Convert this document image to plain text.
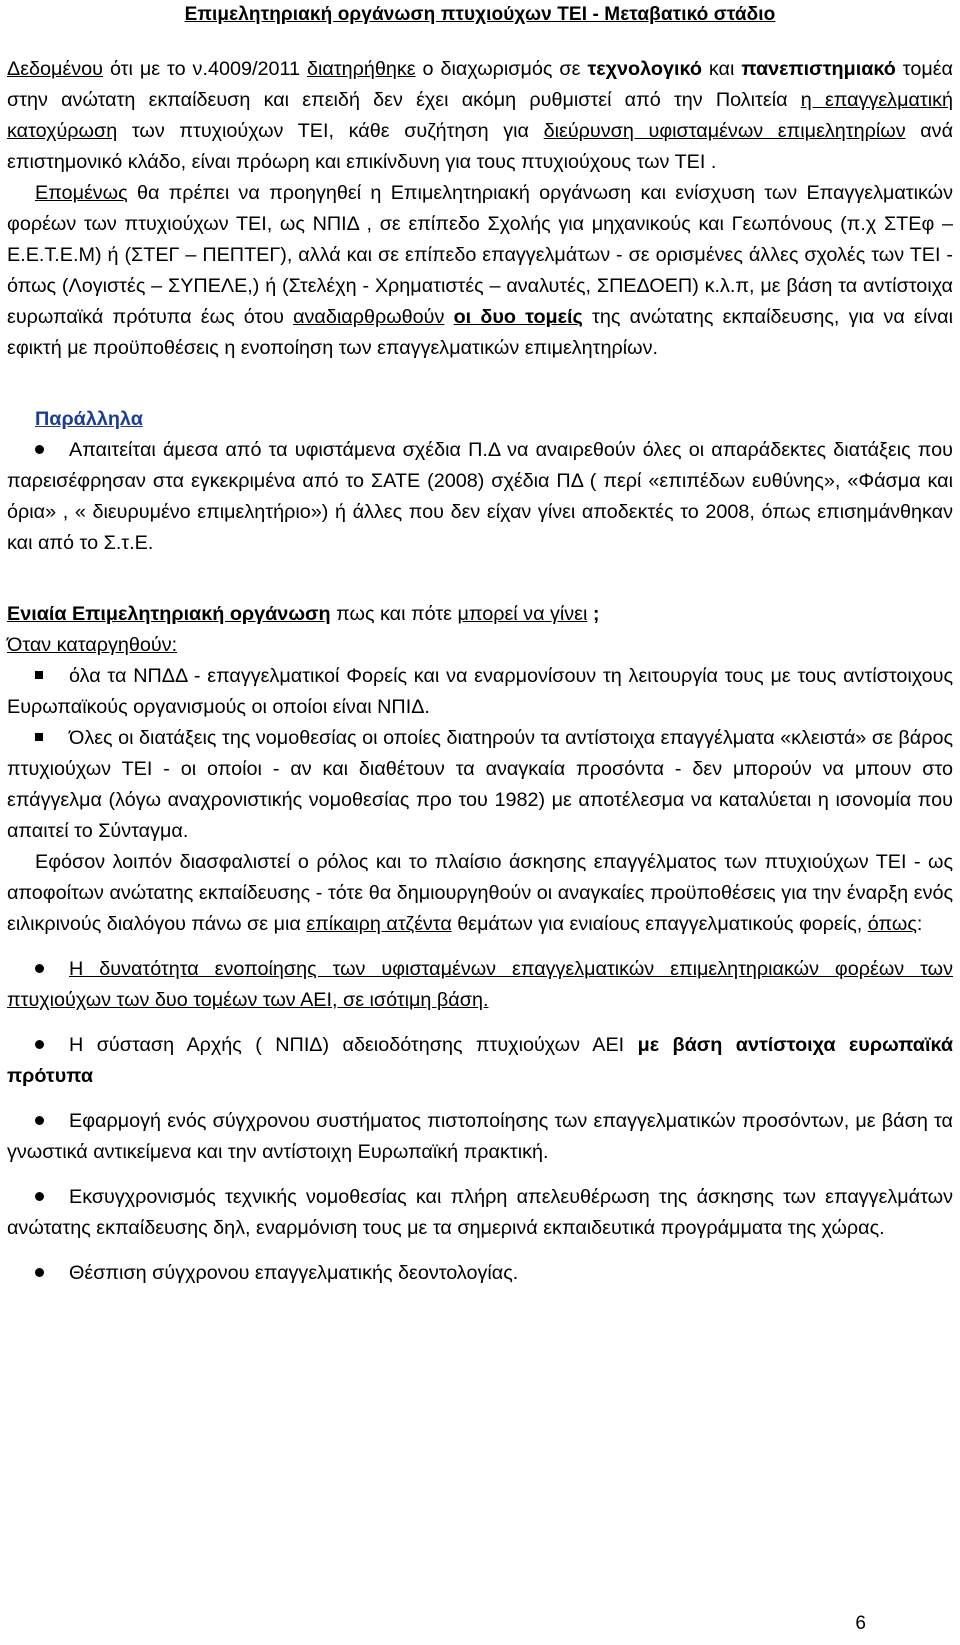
Επιμελητηριακή οργάνωση πτυχιούχων ΤΕΙ - Μεταβατικό στάδιο

Δεδομένου ότι με το ν.4009/2011 διατηρήθηκε ο διαχωρισμός σε τεχνολογικό και πανεπιστημιακό τομέα στην ανώτατη εκπαίδευση και επειδή δεν έχει ακόμη ρυθμιστεί από την Πολιτεία η επαγγελματική κατοχύρωση των πτυχιούχων ΤΕΙ, κάθε συζήτηση για διεύρυνση υφισταμένων επιμελητηρίων ανά επιστημονικό κλάδο, είναι πρόωρη και επικίνδυνη για τους πτυχιούχους των ΤΕΙ .

Επομένως θα πρέπει να προηγηθεί η Επιμελητηριακή οργάνωση και ενίσχυση των Επαγγελματικών φορέων των πτυχιούχων ΤΕΙ, ως ΝΠΙΔ , σε επίπεδο Σχολής για μηχανικούς και Γεωπόνους (π.χ ΣΤΕφ – Ε.Ε.Τ.Ε.Μ) ή (ΣΤΕΓ – ΠΕΠΤΕΓ), αλλά και σε επίπεδο επαγγελμάτων - σε ορισμένες άλλες σχολές των ΤΕΙ - όπως (Λογιστές – ΣΥΠΕΛΕ,) ή (Στελέχη - Χρηματιστές – αναλυτές, ΣΠΕΔΟΕΠ) κ.λ.π, με βάση τα αντίστοιχα ευρωπαϊκά πρότυπα έως ότου αναδιαρθρωθούν οι δυο τομείς της ανώτατης εκπαίδευσης, για να είναι εφικτή με προϋποθέσεις η ενοποίηση των επαγγελματικών επιμελητηρίων.

Παράλληλα

Απαιτείται άμεσα από τα υφιστάμενα σχέδια Π.Δ να αναιρεθούν όλες οι απαράδεκτες διατάξεις που παρεισέφρησαν στα εγκεκριμένα από το ΣΑΤΕ (2008) σχέδια ΠΔ ( περί «επιπέδων ευθύνης», «Φάσμα και όρια» , « διευρυμένο επιμελητήριο») ή άλλες που δεν είχαν γίνει αποδεκτές το 2008, όπως επισημάνθηκαν και από το Σ.τ.Ε.

Ενιαία Επιμελητηριακή οργάνωση πως και πότε μπορεί να γίνει ;

Όταν καταργηθούν:

όλα τα ΝΠΔΔ - επαγγελματικοί Φορείς και να εναρμονίσουν τη λειτουργία τους με τους αντίστοιχους Ευρωπαϊκούς οργανισμούς οι οποίοι είναι ΝΠΙΔ.

Όλες οι διατάξεις της νομοθεσίας οι οποίες διατηρούν τα αντίστοιχα επαγγέλματα «κλειστά» σε βάρος πτυχιούχων ΤΕΙ - οι οποίοι - αν και διαθέτουν τα αναγκαία προσόντα - δεν μπορούν να μπουν στο επάγγελμα (λόγω αναχρονιστικής νομοθεσίας προ του 1982) με αποτέλεσμα να καταλύεται η ισονομία που απαιτεί το Σύνταγμα.

Εφόσον λοιπόν διασφαλιστεί ο ρόλος και το πλαίσιο άσκησης επαγγέλματος των πτυχιούχων ΤΕΙ - ως αποφοίτων ανώτατης εκπαίδευσης - τότε θα δημιουργηθούν οι αναγκαίες προϋποθέσεις για την έναρξη ενός ειλικρινούς διαλόγου πάνω σε μια επίκαιρη ατζέντα θεμάτων για ενιαίους επαγγελματικούς φορείς, όπως:

Η δυνατότητα ενοποίησης των υφισταμένων επαγγελματικών επιμελητηριακών φορέων των πτυχιούχων των δυο τομέων των ΑΕΙ, σε ισότιμη βάση.

Η σύσταση Αρχής ( ΝΠΙΔ) αδειοδότησης πτυχιούχων ΑΕΙ με βάση αντίστοιχα ευρωπαϊκά πρότυπα

Εφαρμογή ενός σύγχρονου συστήματος πιστοποίησης των επαγγελματικών προσόντων, με βάση τα γνωστικά αντικείμενα και την αντίστοιχη Ευρωπαϊκή πρακτική.

Εκσυγχρονισμός τεχνικής νομοθεσίας και πλήρη απελευθέρωση της άσκησης των επαγγελμάτων ανώτατης εκπαίδευσης δηλ, εναρμόνιση τους με τα σημερινά εκπαιδευτικά προγράμματα της χώρας.

Θέσπιση σύγχρονου επαγγελματικής δεοντολογίας.

6
